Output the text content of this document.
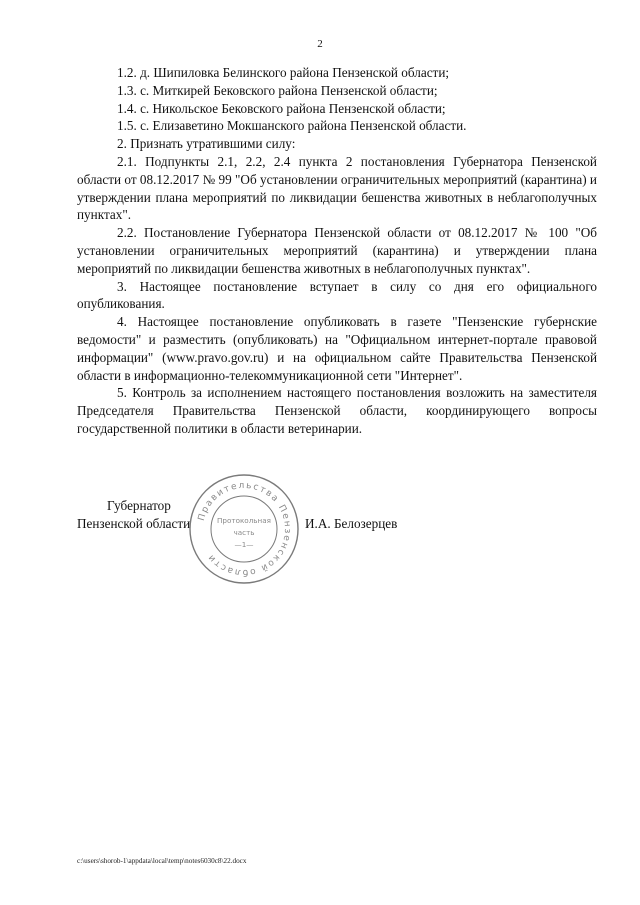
2

1.2. д. Шипиловка Белинского района Пензенской области;

1.3. с. Миткирей Бековского района Пензенской области;

1.4. с. Никольское Бековского района Пензенской области;

1.5. с. Елизаветино Мокшанского района Пензенской области.

2. Признать утратившими силу:

2.1. Подпункты 2.1, 2.2, 2.4 пункта 2 постановления Губернатора Пензенской области от 08.12.2017 № 99 "Об установлении ограничительных мероприятий (карантина) и утверждении плана мероприятий по ликвидации бешенства животных в неблагополучных пунктах".

2.2. Постановление Губернатора Пензенской области от 08.12.2017 № 100 "Об установлении ограничительных мероприятий (карантина) и утверждении плана мероприятий по ликвидации бешенства животных в неблагополучных пунктах".

3. Настоящее постановление вступает в силу со дня его официального опубликования.

4. Настоящее постановление опубликовать в газете "Пензенские губернские ведомости" и разместить (опубликовать) на "Официальном интернет-портале правовой информации" (www.pravo.gov.ru) и на официальном сайте Правительства Пензенской области в информационно-телекоммуникационной сети "Интернет".

5. Контроль за исполнением настоящего постановления возложить на заместителя Председателя Правительства Пензенской области, координирующего вопросы государственной политики в области ветеринарии.

Губернатор
Пензенской области	И.А. Белозерцев
Правительства Пензенской области
Протокольная
часть
—1—
c:\users\shorob-1\appdata\local\temp\notes6030c8\22.docx
